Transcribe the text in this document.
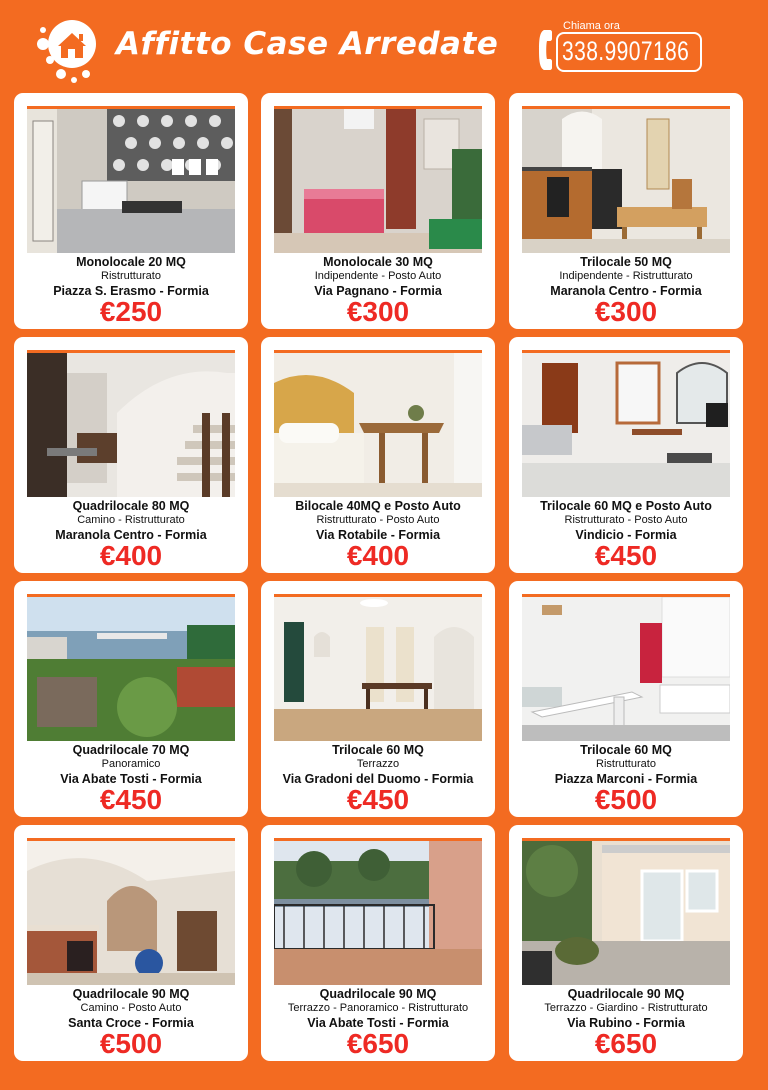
Affitto Case Arredate	Chiama ora
338.9907186
Monolocale 20 MQ
Ristrutturato
Piazza S. Erasmo - Formia
€250
Monolocale 30 MQ
Indipendente - Posto Auto
Via Pagnano - Formia
€300
Trilocale 50 MQ
Indipendente - Ristrutturato
Maranola Centro - Formia
€300
Quadrilocale 80 MQ
Camino - Ristrutturato
Maranola Centro - Formia
€400
Bilocale 40MQ e Posto Auto
Ristrutturato - Posto Auto
Via Rotabile - Formia
€400
Trilocale 60 MQ e Posto Auto
Ristrutturato - Posto Auto
Vindicio - Formia
€450
Quadrilocale 70 MQ
Panoramico
Via Abate Tosti - Formia
€450
Trilocale 60 MQ
Terrazzo
Via Gradoni del Duomo - Formia
€450
Trilocale 60 MQ
Ristrutturato
Piazza Marconi - Formia
€500
Quadrilocale 90 MQ
Camino - Posto Auto
Santa Croce - Formia
€500
Quadrilocale 90 MQ
Terrazzo - Panoramico - Ristrutturato
Via Abate Tosti - Formia
€650
Quadrilocale 90 MQ
Terrazzo - Giardino - Ristrutturato
Via Rubino - Formia
€650
